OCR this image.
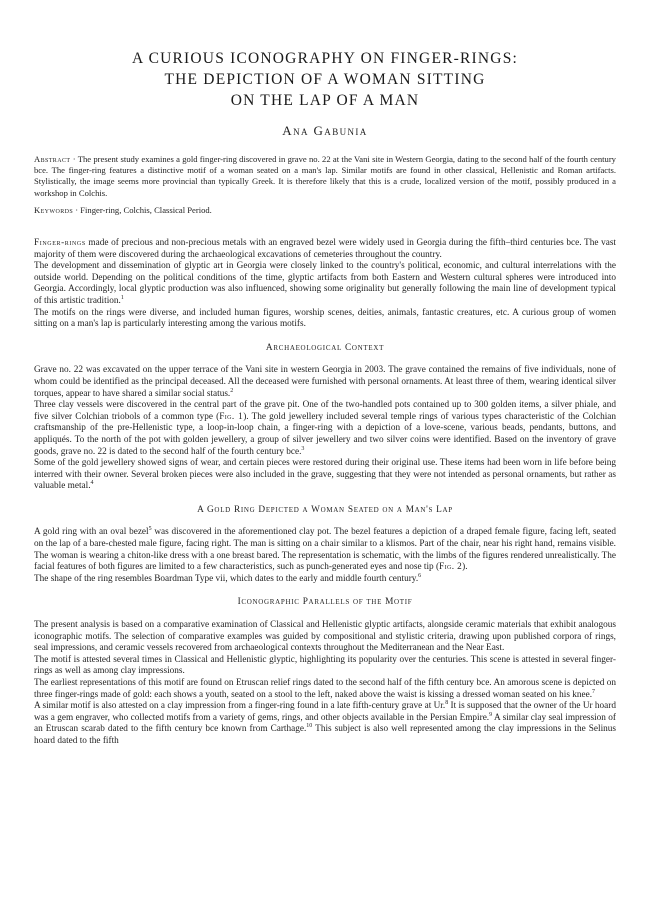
A CURIOUS ICONOGRAPHY ON FINGER-RINGS:
THE DEPICTION OF A WOMAN SITTING
ON THE LAP OF A MAN
Ana Gabunia

Abstract · The present study examines a gold finger-ring discovered in grave no. 22 at the Vani site in Western Georgia, dating to the second half of the fourth century bce. The finger-ring features a distinctive motif of a woman seated on a man's lap. Similar motifs are found in other classical, Hellenistic and Roman artifacts. Stylistically, the image seems more provincial than typically Greek. It is therefore likely that this is a crude, localized version of the motif, possibly produced in a workshop in Colchis.

Keywords · Finger-ring, Colchis, Classical Period.

Finger-rings made of precious and non-precious metals with an engraved bezel were widely used in Georgia during the fifth–third centuries bce. The vast majority of them were discovered during the archaeological excavations of cemeteries throughout the country.

The development and dissemination of glyptic art in Georgia were closely linked to the country's political, economic, and cultural interrelations with the outside world. Depending on the political conditions of the time, glyptic artifacts from both Eastern and Western cultural spheres were introduced into Georgia. Accordingly, local glyptic production was also influenced, showing some originality but generally following the main line of development typical of this artistic tradition.$^1$

The motifs on the rings were diverse, and included human figures, worship scenes, deities, animals, fantastic creatures, etc. A curious group of women sitting on a man's lap is particularly interesting among the various motifs.

Archaeological Context

Grave no. 22 was excavated on the upper terrace of the Vani site in western Georgia in 2003. The grave contained the remains of five individuals, none of whom could be identified as the principal deceased. All the deceased were furnished with personal ornaments. At least three of them, wearing identical silver torques, appear to have shared a similar social status.$^2$

Three clay vessels were discovered in the central part of the grave pit. One of the two-handled pots contained up to 300 golden items, a silver phiale, and five silver Colchian triobols of a common type (Fig. 1). The gold jewellery included several temple rings of various types characteristic of the Colchian craftsmanship of the pre-Hellenistic type, a loop-in-loop chain, a finger-ring with a depiction of a love-scene, various beads, pendants, buttons, and appliqués. To the north of the pot with golden jewellery, a group of silver jewellery and two silver coins were identified. Based on the inventory of grave goods, grave no. 22 is dated to the second half of the fourth century bce.$^3$

Some of the gold jewellery showed signs of wear, and certain pieces were restored during their original use. These items had been worn in life before being interred with their owner. Several broken pieces were also included in the grave, suggesting that they were not intended as personal ornaments, but rather as valuable metal.$^4$

A Gold Ring Depicted a Woman Seated on a Man's Lap

A gold ring with an oval bezel$^5$ was discovered in the aforementioned clay pot. The bezel features a depiction of a draped female figure, facing left, seated on the lap of a bare-chested male figure, facing right. The man is sitting on a chair similar to a klismos. Part of the chair, near his right hand, remains visible. The woman is wearing a chiton-like dress with a one breast bared. The representation is schematic, with the limbs of the figures rendered unrealistically. The facial features of both figures are limited to a few characteristics, such as punch-generated eyes and nose tip (Fig. 2).

The shape of the ring resembles Boardman Type vii, which dates to the early and middle fourth century.$^6$

Iconographic Parallels of the Motif

The present analysis is based on a comparative examination of Classical and Hellenistic glyptic artifacts, alongside ceramic materials that exhibit analogous iconographic motifs. The selection of comparative examples was guided by compositional and stylistic criteria, drawing upon published corpora of rings, seal impressions, and ceramic vessels recovered from archaeological contexts throughout the Mediterranean and the Near East.

The motif is attested several times in Classical and Hellenistic glyptic, highlighting its popularity over the centuries. This scene is attested in several finger-rings as well as among clay impressions.

The earliest representations of this motif are found on Etruscan relief rings dated to the second half of the fifth century bce. An amorous scene is depicted on three finger-rings made of gold: each shows a youth, seated on a stool to the left, naked above the waist is kissing a dressed woman seated on his knee.$^7$

A similar motif is also attested on a clay impression from a finger-ring found in a late fifth-century grave at Ur.$^8$ It is supposed that the owner of the Ur hoard was a gem engraver, who collected motifs from a variety of gems, rings, and other objects available in the Persian Empire.$^9$ A similar clay seal impression of an Etruscan scarab dated to the fifth century bce known from Carthage.$^{10}$ This subject is also well represented among the clay impressions in the Selinus hoard dated to the fifth
